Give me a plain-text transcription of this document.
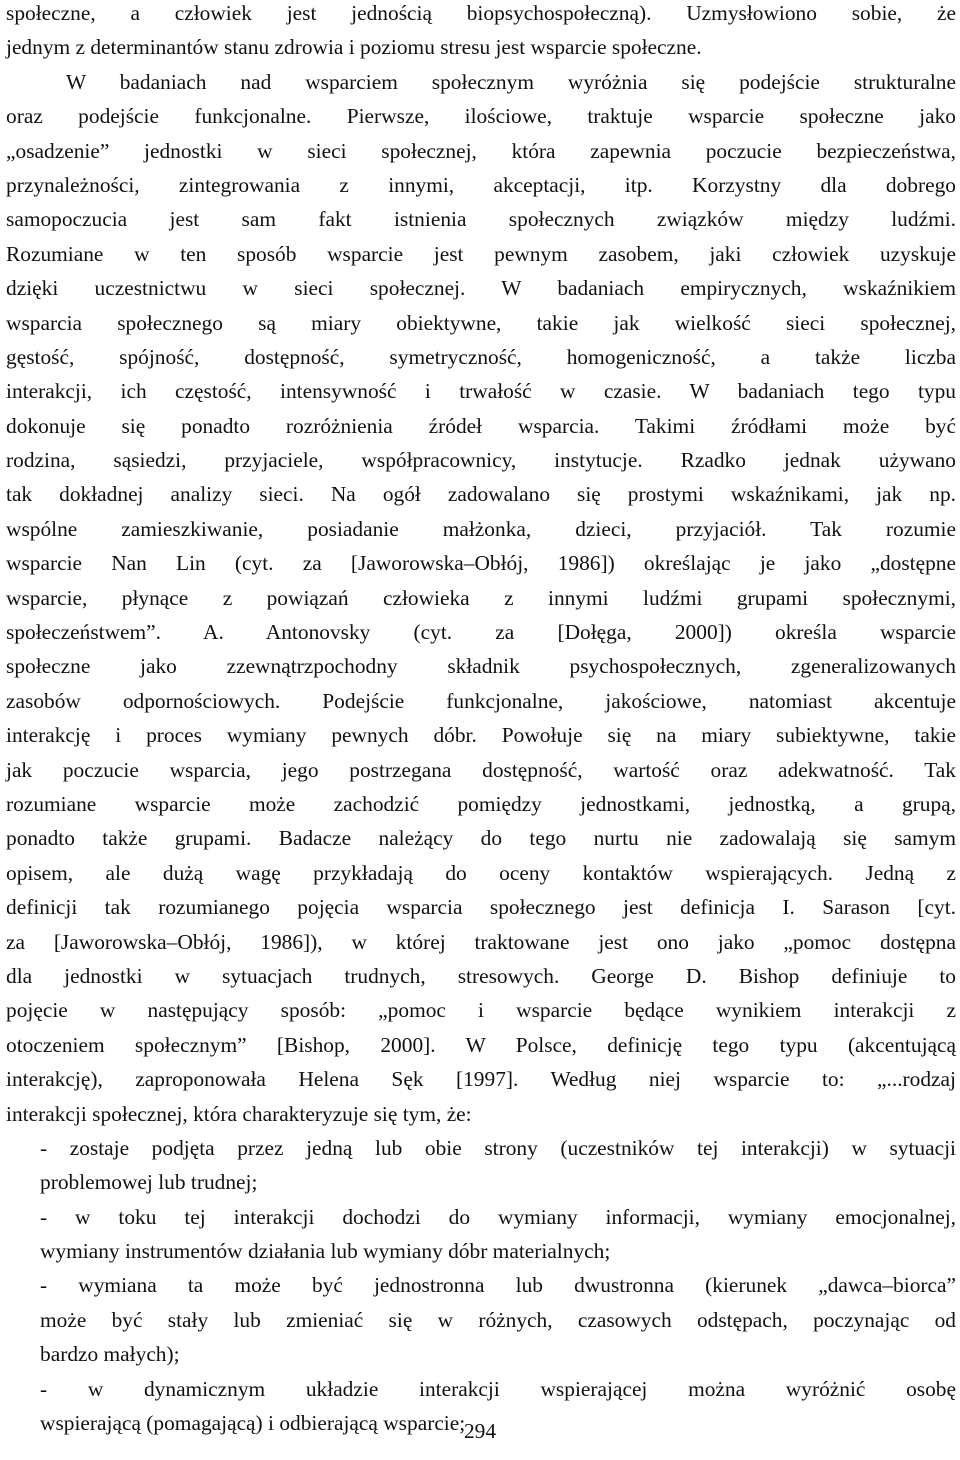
społeczne, a człowiek jest jednością biopsychospołeczną). Uzmysłowiono sobie, że
jednym z determinantów stanu zdrowia i poziomu stresu jest wsparcie społeczne.
W badaniach nad wsparciem społecznym wyróżnia się podejście strukturalne
oraz podejście funkcjonalne. Pierwsze, ilościowe, traktuje wsparcie społeczne jako
„osadzenie” jednostki w sieci społecznej, która zapewnia poczucie bezpieczeństwa,
przynależności, zintegrowania z innymi, akceptacji, itp. Korzystny dla dobrego
samopoczucia jest sam fakt istnienia społecznych związków między ludźmi.
Rozumiane w ten sposób wsparcie jest pewnym zasobem, jaki człowiek uzyskuje
dzięki uczestnictwu w sieci społecznej. W badaniach empirycznych, wskaźnikiem
wsparcia społecznego są miary obiektywne, takie jak wielkość sieci społecznej,
gęstość, spójność, dostępność, symetryczność, homogeniczność, a także liczba
interakcji, ich częstość, intensywność i trwałość w czasie. W badaniach tego typu
dokonuje się ponadto rozróżnienia źródeł wsparcia. Takimi źródłami może być
rodzina, sąsiedzi, przyjaciele, współpracownicy, instytucje. Rzadko jednak używano
tak dokładnej analizy sieci. Na ogół zadowalano się prostymi wskaźnikami, jak np.
wspólne zamieszkiwanie, posiadanie małżonka, dzieci, przyjaciół. Tak rozumie
wsparcie Nan Lin (cyt. za [Jaworowska–Obłój, 1986]) określając je jako „dostępne
wsparcie, płynące z powiązań człowieka z innymi ludźmi grupami społecznymi,
społeczeństwem”. A. Antonovsky (cyt. za [Dołęga, 2000]) określa wsparcie
społeczne jako zzewnątrzpochodny składnik psychospołecznych, zgeneralizowanych
zasobów odpornościowych. Podejście funkcjonalne, jakościowe, natomiast akcentuje
interakcję i proces wymiany pewnych dóbr. Powołuje się na miary subiektywne, takie
jak poczucie wsparcia, jego postrzegana dostępność, wartość oraz adekwatność. Tak
rozumiane wsparcie może zachodzić pomiędzy jednostkami, jednostką, a grupą,
ponadto także grupami. Badacze należący do tego nurtu nie zadowalają się samym
opisem, ale dużą wagę przykładają do oceny kontaktów wspierających. Jedną z
definicji tak rozumianego pojęcia wsparcia społecznego jest definicja I. Sarason [cyt.
za [Jaworowska–Obłój, 1986]), w której traktowane jest ono jako „pomoc dostępna
dla jednostki w sytuacjach trudnych, stresowych. George D. Bishop definiuje to
pojęcie w następujący sposób: „pomoc i wsparcie będące wynikiem interakcji z
otoczeniem społecznym” [Bishop, 2000]. W Polsce, definicję tego typu (akcentującą
interakcję), zaproponowała Helena Sęk [1997]. Według niej wsparcie to: „...rodzaj
interakcji społecznej, która charakteryzuje się tym, że:
- zostaje podjęta przez jedną lub obie strony (uczestników tej interakcji) w sytuacji
problemowej lub trudnej;
- w toku tej interakcji dochodzi do wymiany informacji, wymiany emocjonalnej,
wymiany instrumentów działania lub wymiany dóbr materialnych;
- wymiana ta może być jednostronna lub dwustronna (kierunek „dawca–biorca”
może być stały lub zmieniać się w różnych, czasowych odstępach, poczynając od
bardzo małych);
- w dynamicznym układzie interakcji wspierającej można wyróżnić osobę
wspierającą (pomagającą) i odbierającą wsparcie;
294
